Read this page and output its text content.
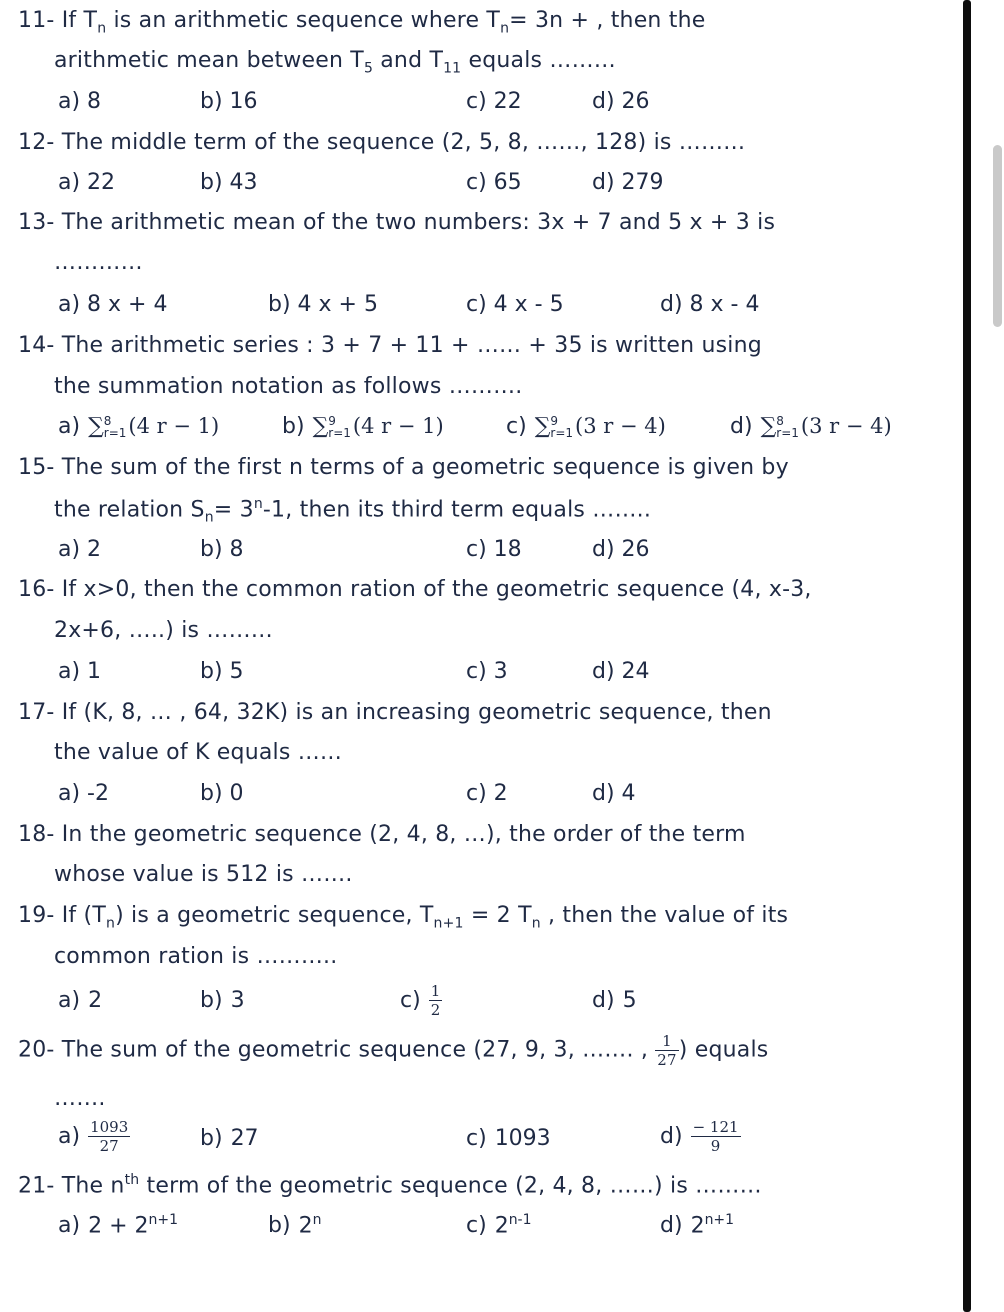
11- If $T_n$ is an arithmetic sequence where $T_n= 3n$ + , then the
arithmetic mean between $T_5$ and $T_{11}$ equals ………
a) 8	b) 16	c) 22	d) 26
12- The middle term of the sequence (2, 5, 8, ……, 128) is ………
a) 22	b) 43	c) 65	d) 279
13- The arithmetic mean of the two numbers: 3x + 7 and 5 x + 3 is
…………
a) 8 x + 4	b) 4 x + 5	c) 4 x - 5	d) 8 x - 4
14- The arithmetic series : 3 + 7 + 11 + …… + 35 is written using
the summation notation as follows ……….
a) ∑ 8
r=1 (4 r − 1)	b) ∑ 9
r=1 (4 r − 1)	c) ∑ 9
r=1 (3 r − 4)	d) ∑ 8
r=1 (3 r − 4)
15- The sum of the first n terms of a geometric sequence is given by
the relation $S_n= 3^n-1$, then its third term equals ……..
a) 2	b) 8	c) 18	d) 26
16- If x>0, then the common ration of the geometric sequence (4, x-3,
2x+6, …..) is ………
a) 1	b) 5	c) 3	d) 24
17- If (K, 8, … , 64, 32K) is an increasing geometric sequence, then
the value of K equals ……
a) -2	b) 0	c) 2	d) 4
18- In the geometric sequence (2, 4, 8, …), the order of the term
whose value is 512 is …….
19- If $(T_n)$ is a geometric sequence, $T_{n+1} = 2$ $T_n$ , then the value of its
common ration is ………..
a) 2	b) 3	$c) \frac{1}{2}$	d) 5
20- The sum of the geometric sequence (27, 9, 3, ……. , $\frac{1}{27}$ ) equals
…….
$a) \frac{1093}{27}$	b) 27	c) 1093	$d) \frac{- 121}{9}$
21- The $n^{th}$ term of the geometric sequence (2, 4, 8, ……) is ………
a) $2 + 2^{n+1}$	b) 2$^n$	c) 2$^{n-1}$	d) $2^{n+1}$
